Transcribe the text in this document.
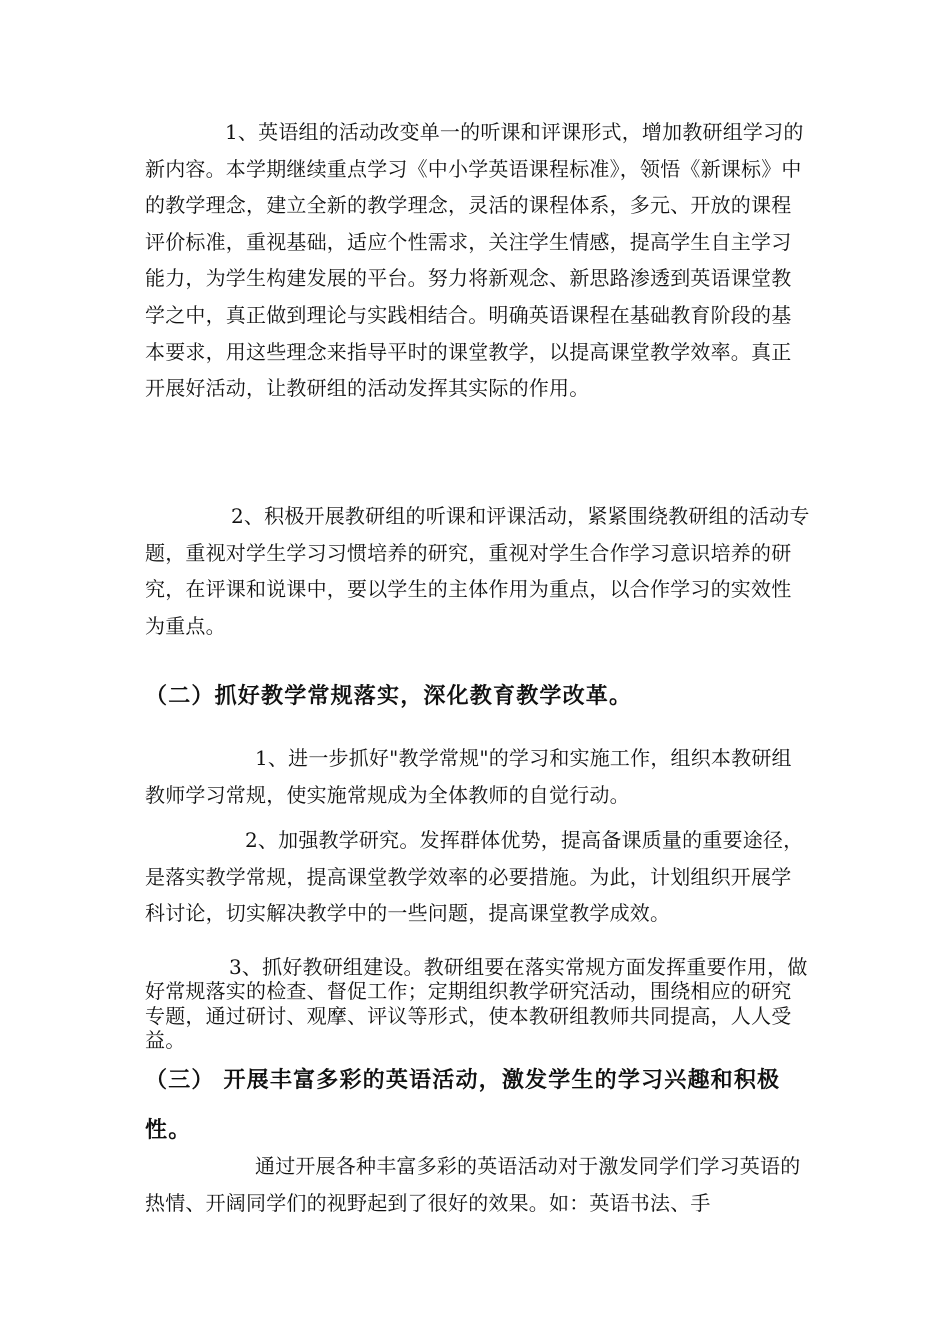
1、英语组的活动改变单一的听课和评课形式，增加教研组学习的新内容。本学期继续重点学习《中小学英语课程标准》，领悟《新课标》中的教学理念，建立全新的教学理念，灵活的课程体系，多元、开放的课程评价标准，重视基础，适应个性需求，关注学生情感，提高学生自主学习能力，为学生构建发展的平台。努力将新观念、新思路渗透到英语课堂教学之中，真正做到理论与实践相结合。明确英语课程在基础教育阶段的基本要求，用这些理念来指导平时的课堂教学，以提高课堂教学效率。真正开展好活动，让教研组的活动发挥其实际的作用。

2、积极开展教研组的听课和评课活动，紧紧围绕教研组的活动专题，重视对学生学习习惯培养的研究，重视对学生合作学习意识培养的研究，在评课和说课中，要以学生的主体作用为重点，以合作学习的实效性为重点。

（二）抓好教学常规落实，深化教育教学改革。

1、进一步抓好"教学常规"的学习和实施工作，组织本教研组教师学习常规，使实施常规成为全体教师的自觉行动。

2、加强教学研究。发挥群体优势，提高备课质量的重要途径，是落实教学常规，提高课堂教学效率的必要措施。为此，计划组织开展学科讨论，切实解决教学中的一些问题，提高课堂教学成效。

3、抓好教研组建设。教研组要在落实常规方面发挥重要作用，做好常规落实的检查、督促工作；定期组织教学研究活动，围绕相应的研究专题，通过研讨、观摩、评议等形式，使本教研组教师共同提高，人人受益。

（三） 开展丰富多彩的英语活动，激发学生的学习兴趣和积极性。

通过开展各种丰富多彩的英语活动对于激发同学们学习英语的热情、开阔同学们的视野起到了很好的效果。如：英语书法、手
